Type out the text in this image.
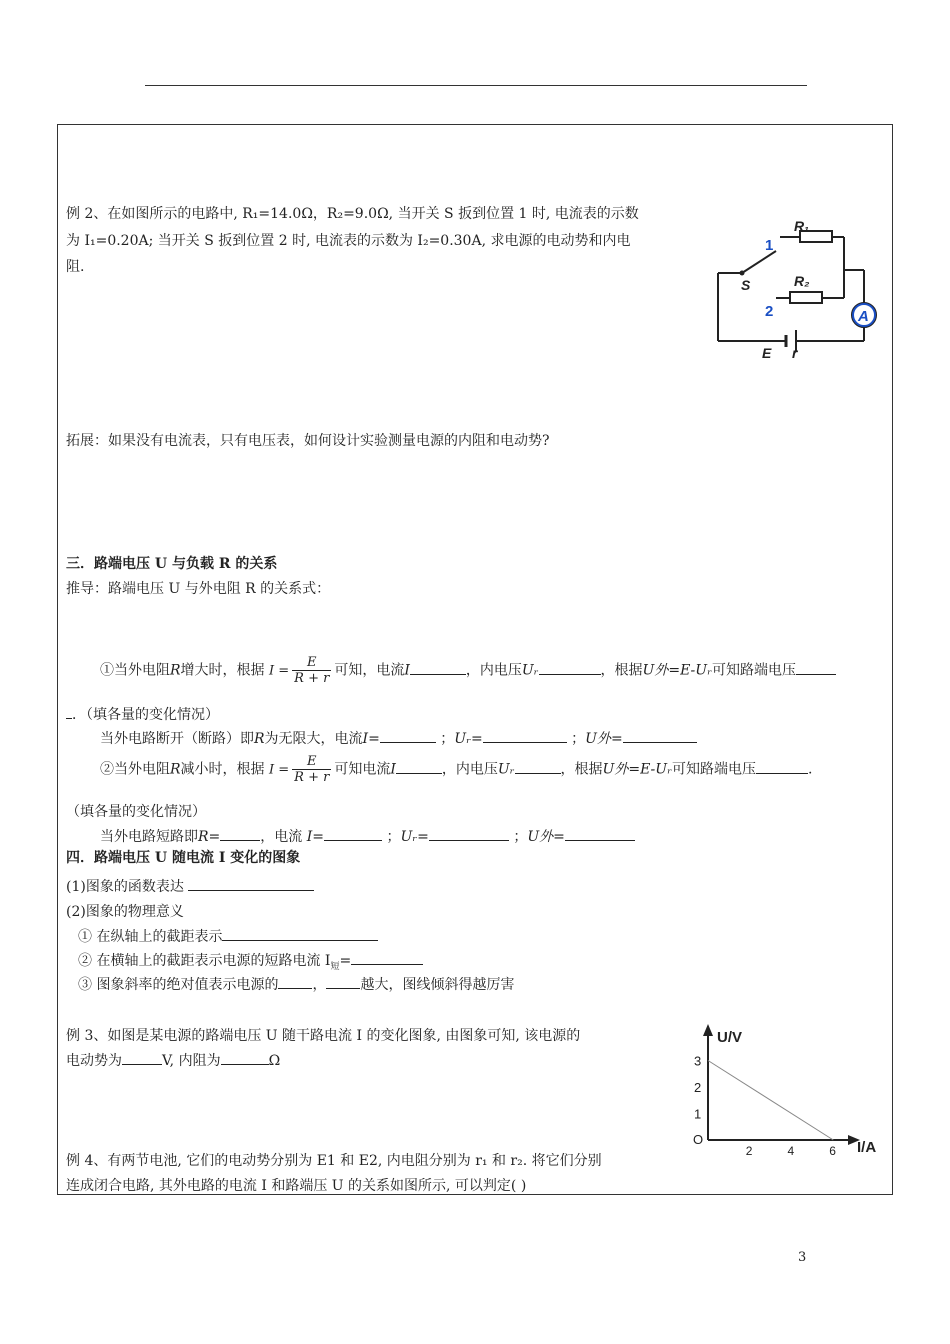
例 2、在如图所示的电路中, R₁=14.0Ω，R₂=9.0Ω, 当开关 S 扳到位置 1 时, 电流表的示数
为 I₁=0.20A; 当开关 S 扳到位置 2 时, 电流表的示数为 I₂=0.30A, 求电源的电动势和内电
阻.
R₁
R₂
1
2
S
A
E r
拓展：如果没有电流表，只有电压表，如何设计实验测量电源的内阻和电动势?
三．路端电压 U 与负载 R 的关系
推导：路端电压 U 与外电阻 R 的关系式：
①当外电阻R增大时，根据 $I = \frac{E}{R + r}$ 可知，电流I	，内电压Uᵣ	，根据U外=E-Uᵣ可知路端电压
．（填各量的变化情况）
当外电路断开（断路）即R为无限大，电流I=	；Uᵣ=	；U外=
②当外电阻R减小时，根据 $I = \frac{E}{R + r}$ 可知电流I	，内电压Uᵣ	，根据U外=E-Uᵣ可知路端电压	.
（填各量的变化情况）
当外电路短路即R=	，电流 I=	；Uᵣ=	；U外=
四．路端电压 U 随电流 I 变化的图象
(1)图象的函数表达
(2)图象的物理意义
① 在纵轴上的截距表示
② 在横轴上的截距表示电源的短路电流 $I_短=$
③ 图象斜率的绝对值表示电源的 ， 越大，图线倾斜得越厉害
例 3、如图是某电源的路端电压 U 随干路电流 I 的变化图象, 由图象可知, 该电源的
电动势为	V, 内阻为	Ω
U/V
I/A
O
2	4	6
1
2
3
例 4、有两节电池, 它们的电动势分别为 E1 和 E2, 内电阻分别为 r₁ 和 r₂. 将它们分别
连成闭合电路, 其外电路的电流 I 和路端压 U 的关系如图所示, 可以判定( )
3
